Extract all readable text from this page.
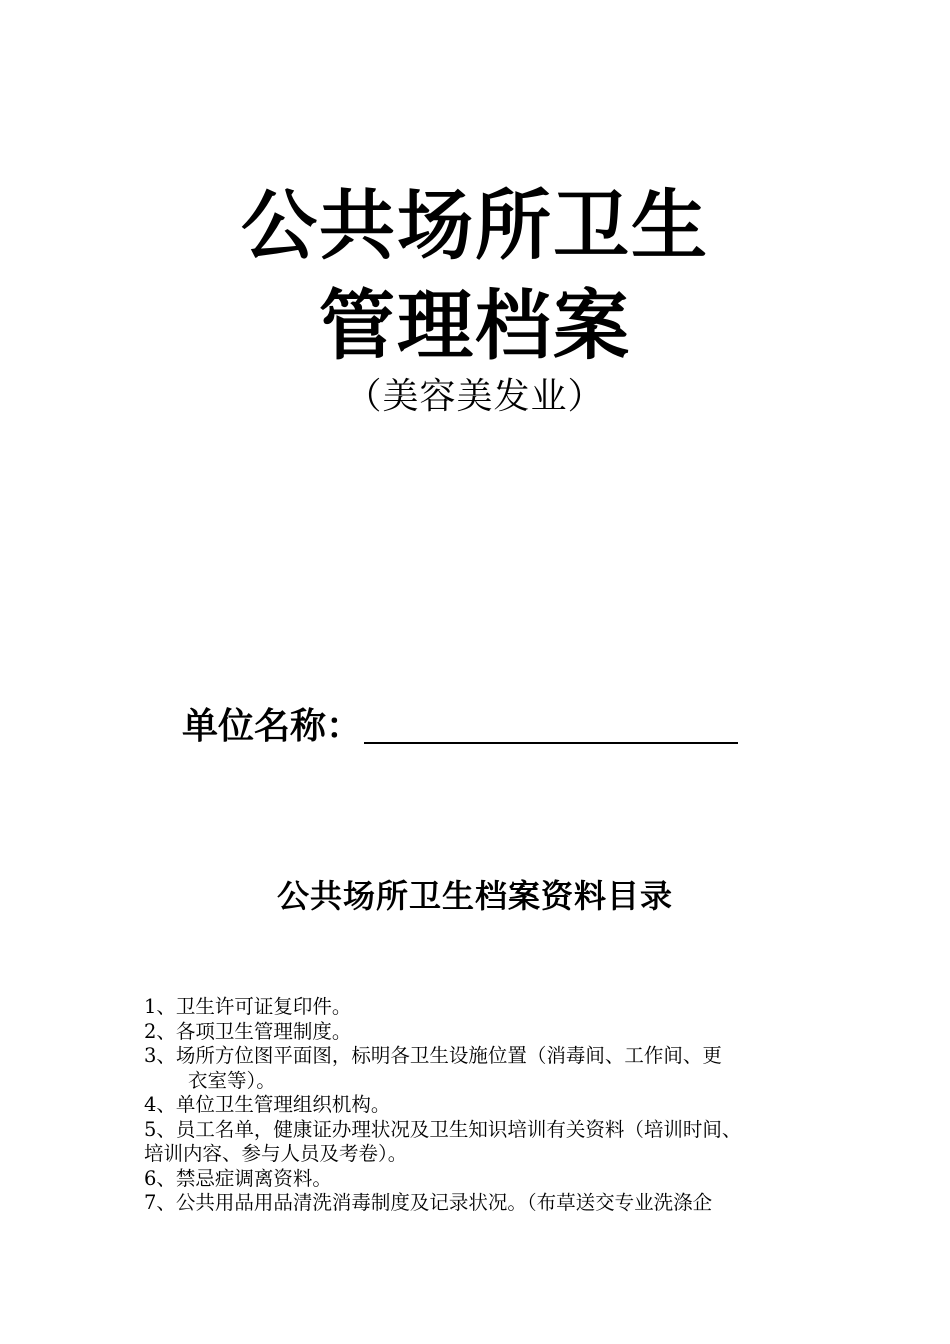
公共场所卫生
管理档案
（美容美发业）
单位名称：
公共场所卫生档案资料目录
1、卫生许可证复印件。
2、各项卫生管理制度。
3、场所方位图平面图，标明各卫生设施位置（消毒间、工作间、更
衣室等）。
4、单位卫生管理组织机构。
5、员工名单，健康证办理状况及卫生知识培训有关资料（培训时间、
培训内容、参与人员及考卷）。
6、禁忌症调离资料。
7、公共用品用品清洗消毒制度及记录状况。（布草送交专业洗涤企
